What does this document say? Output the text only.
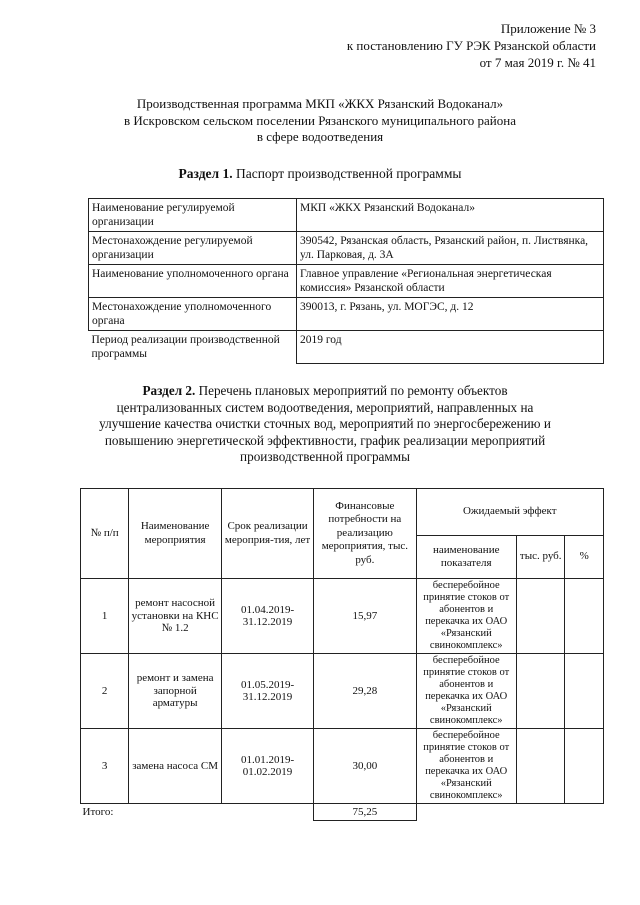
Приложение № 3
к постановлению ГУ РЭК Рязанской области
от 7 мая 2019 г. № 41
Производственная программа МКП «ЖКХ Рязанский Водоканал»
в Искровском сельском поселении Рязанского муниципального района
в сфере водоотведения
Раздел 1. Паспорт производственной программы
Наименование регулируемой организации	МКП «ЖКХ Рязанский Водоканал»
Местонахождение регулируемой организации	390542, Рязанская область, Рязанский район, п. Листвянка, ул. Парковая, д. 3А
Наименование уполномоченного органа	Главное управление «Региональная энергетическая комиссия» Рязанской области
Местонахождение уполномоченного органа	390013, г. Рязань, ул. МОГЭС, д. 12
Период реализации производственной программы	2019 год
Раздел 2. Перечень плановых мероприятий по ремонту объектов централизованных систем водоотведения, мероприятий, направленных на улучшение качества очистки сточных вод, мероприятий по энергосбережению и повышению энергетической эффективности, график реализации мероприятий производственной программы
№ п/п	Наименование мероприятия	Срок реализации мероприя-тия, лет	Финансовые потребности на реализацию мероприятия, тыс. руб.	Ожидаемый эффект		
				наименование показателя	тыс. руб.	%
1	ремонт насосной установки на КНС № 1.2	01.04.2019-31.12.2019	15,97	бесперебойное принятие стоков от абонентов и перекачка их ОАО «Рязанский свинокомплекс»		
2	ремонт и замена запорной арматуры	01.05.2019-31.12.2019	29,28	бесперебойное принятие стоков от абонентов и перекачка их ОАО «Рязанский свинокомплекс»		
3	замена насоса СМ	01.01.2019-01.02.2019	30,00	бесперебойное принятие стоков от абонентов и перекачка их ОАО «Рязанский свинокомплекс»		
Итого:			75,25			
